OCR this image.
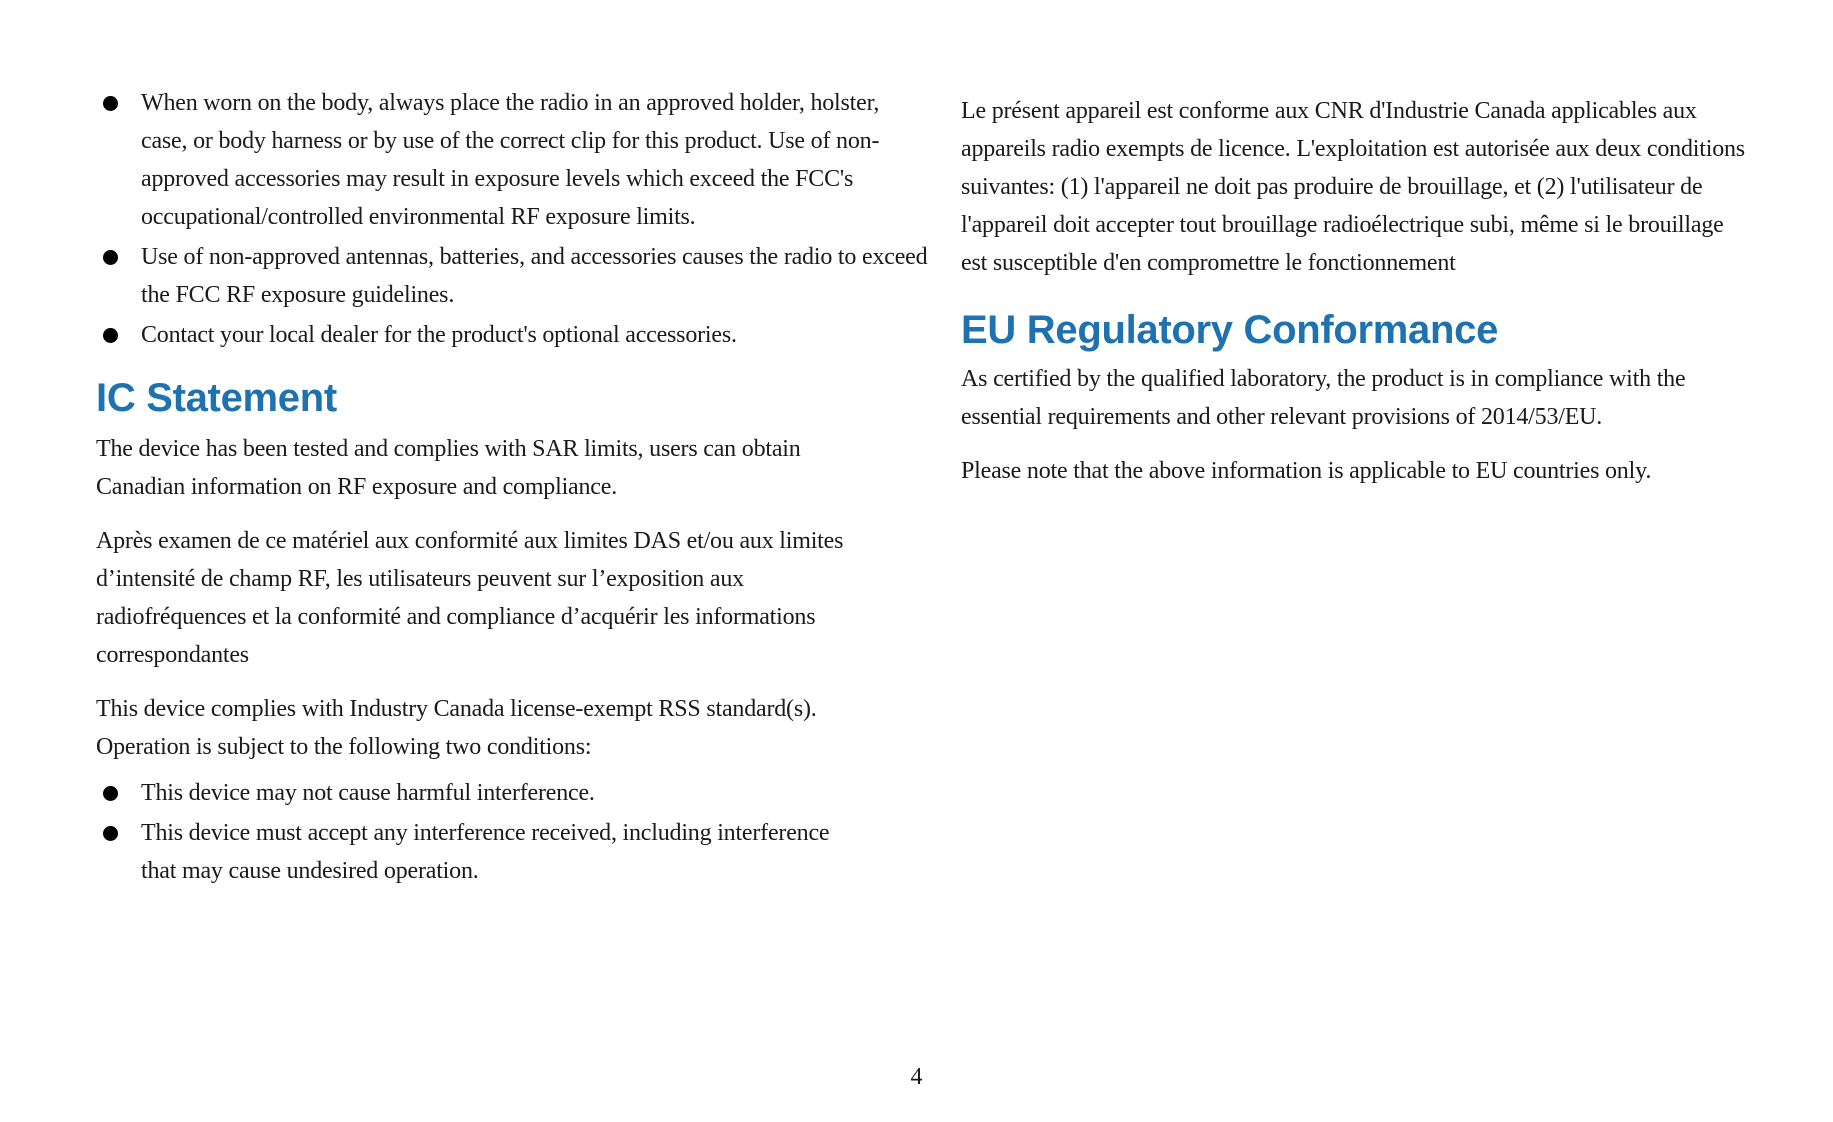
When worn on the body, always place the radio in an approved holder, holster, case, or body harness or by use of the correct clip for this product. Use of non-approved accessories may result in exposure levels which exceed the FCC's occupational/controlled environmental RF exposure limits.
Use of non-approved antennas, batteries, and accessories causes the radio to exceed the FCC RF exposure guidelines.
Contact your local dealer for the product's optional accessories.
IC Statement

The device has been tested and complies with SAR limits, users can obtain Canadian information on RF exposure and compliance.

Après examen de ce matériel aux conformité aux limites DAS et/ou aux limites d’intensité de champ RF, les utilisateurs peuvent sur l’exposition aux radiofréquences et la conformité and compliance d’acquérir les informations correspondantes

This device complies with Industry Canada license-exempt RSS standard(s). Operation is subject to the following two conditions:

This device may not cause harmful interference.
This device must accept any interference received, including interference that may cause undesired operation.

Le présent appareil est conforme aux CNR d'Industrie Canada applicables aux appareils radio exempts de licence. L'exploitation est autorisée aux deux conditions suivantes: (1) l'appareil ne doit pas produire de brouillage, et (2) l'utilisateur de l'appareil doit accepter tout brouillage radioélectrique subi, même si le brouillage est susceptible d'en compromettre le fonctionnement

EU Regulatory Conformance

As certified by the qualified laboratory, the product is in compliance with the essential requirements and other relevant provisions of 2014/53/EU.

Please note that the above information is applicable to EU countries only.

4
